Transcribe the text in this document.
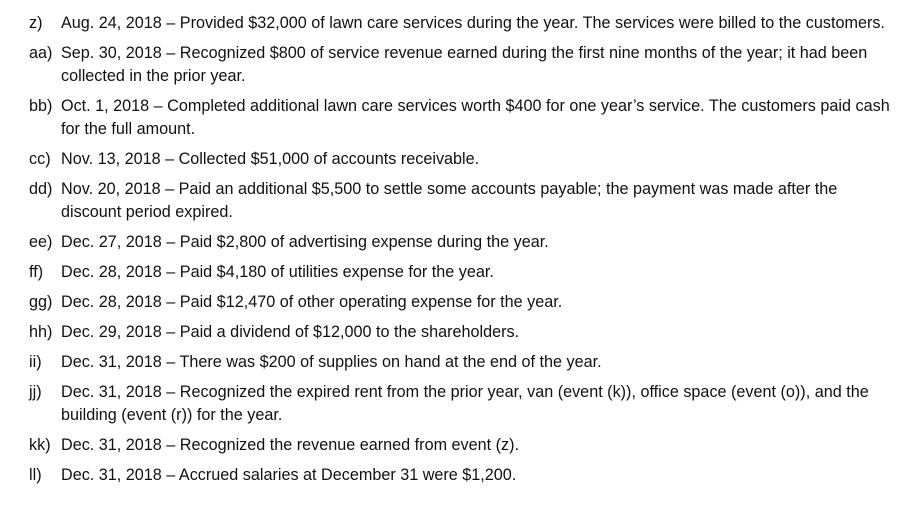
z)	Aug. 24, 2018 – Provided $32,000 of lawn care services during the year. The services were billed to the customers.
aa) Sep. 30, 2018 – Recognized $800 of service revenue earned during the first nine months of the year; it had been collected in the prior year.
bb) Oct. 1, 2018 – Completed additional lawn care services worth $400 for one year’s service. The customers paid cash for the full amount.
cc) Nov. 13, 2018 – Collected $51,000 of accounts receivable.
dd) Nov. 20, 2018 – Paid an additional $5,500 to settle some accounts payable; the payment was made after the discount period expired.
ee) Dec. 27, 2018 – Paid $2,800 of advertising expense during the year.
ff)	Dec. 28, 2018 – Paid $4,180 of utilities expense for the year.
gg) Dec. 28, 2018 – Paid $12,470 of other operating expense for the year.
hh) Dec. 29, 2018 – Paid a dividend of $12,000 to the shareholders.
ii)	Dec. 31, 2018 – There was $200 of supplies on hand at the end of the year.
jj)	Dec. 31, 2018 – Recognized the expired rent from the prior year, van (event (k)), office space (event (o)), and the building (event (r)) for the year.
kk) Dec. 31, 2018 – Recognized the revenue earned from event (z).
ll)	Dec. 31, 2018 – Accrued salaries at December 31 were $1,200.
